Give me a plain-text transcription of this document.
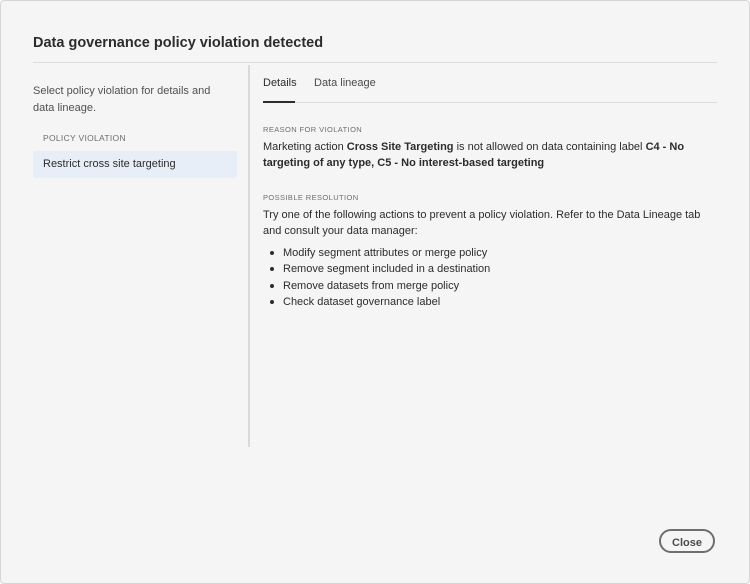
Data governance policy violation detected
Select policy violation for details and data lineage.
POLICY VIOLATION
Restrict cross site targeting
Details Data lineage
REASON FOR VIOLATION

Marketing action Cross Site Targeting is not allowed on data containing label C4 - No targeting of any type, C5 - No interest-based targeting

POSSIBLE RESOLUTION

Try one of the following actions to prevent a policy violation. Refer to the Data Lineage tab and consult your data manager:

Modify segment attributes or merge policy
Remove segment included in a destination
Remove datasets from merge policy
Check dataset governance label
Close
